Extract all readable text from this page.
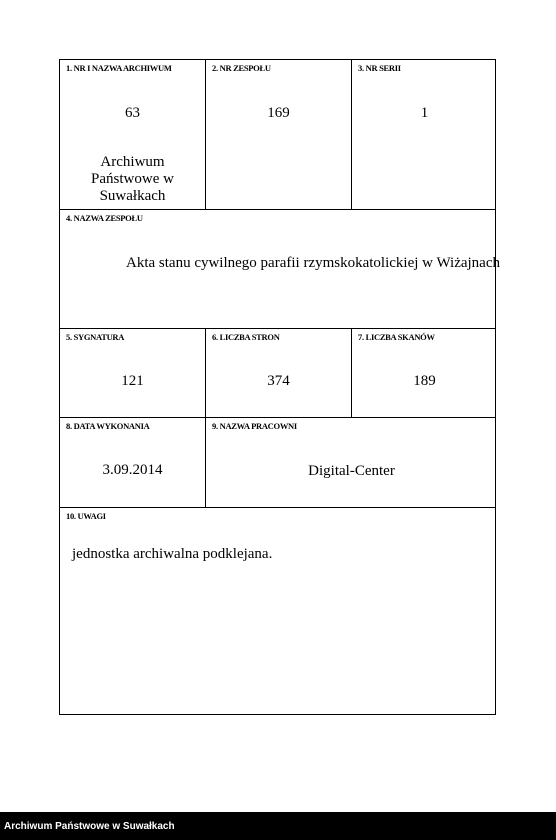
1. NR I NAZWA ARCHIWUM
63
Archiwum
Państwowe w
Suwałkach
2. NR ZESPOŁU
169
3. NR SERII
1
4. NAZWA ZESPOŁU
Akta stanu cywilnego parafii rzymskokatolickiej w Wiżajnach
5. SYGNATURA
121
6. LICZBA STRON
374
7. LICZBA SKANÓW
189
8. DATA WYKONANIA
3.09.2014
9. NAZWA PRACOWNI
Digital-Center
10. UWAGI
jednostka archiwalna podklejana.
Archiwum Państwowe w Suwałkach
